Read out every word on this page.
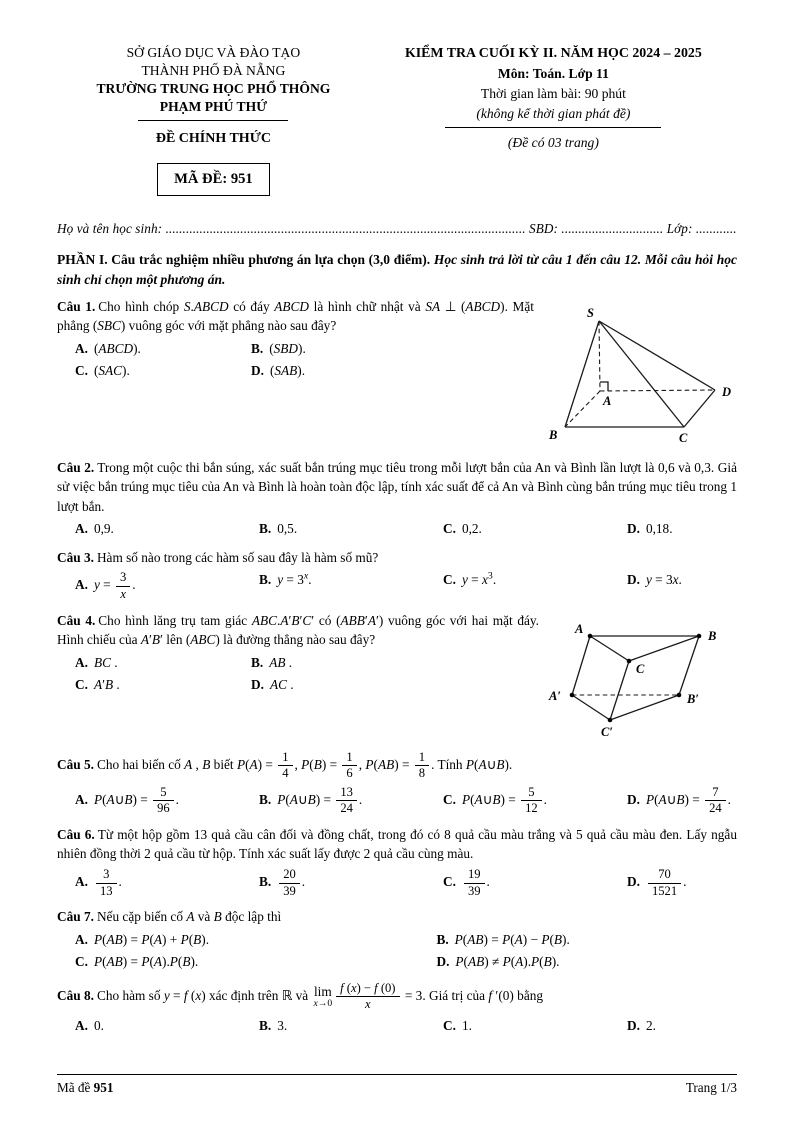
SỞ GIÁO DỤC VÀ ĐÀO TẠO
THÀNH PHỐ ĐÀ NẴNG
TRƯỜNG TRUNG HỌC PHỔ THÔNG
PHẠM PHÚ THỨ
ĐỀ CHÍNH THỨC
MÃ ĐỀ: 951
KIỂM TRA CUỐI KỲ II. NĂM HỌC 2024 – 2025
Môn: Toán. Lớp 11
Thời gian làm bài: 90 phút
(không kể thời gian phát đề)
(Đề có 03 trang)
Họ và tên học sinh: .......................................................................................................... SBD: .............................. Lớp: ............

PHẦN I. Câu trắc nghiệm nhiều phương án lựa chọn (3,0 điểm). Học sinh trả lời từ câu 1 đến câu 12. Mỗi câu hỏi học sinh chỉ chọn một phương án.

Câu 1. Cho hình chóp S.ABCD có đáy ABCD là hình chữ nhật và SA ⊥ (ABCD). Mặt phẳng (SBC) vuông góc với mặt phẳng nào sau đây?

A. (ABCD).	B. (SBD).
C. (SAC).	D. (SAB).
S
A
B	C
D

Câu 2. Trong một cuộc thi bắn súng, xác suất bắn trúng mục tiêu trong mỗi lượt bắn của An và Bình lần lượt là 0,6 và 0,3. Giả sử việc bắn trúng mục tiêu của An và Bình là hoàn toàn độc lập, tính xác suất để cả An và Bình cùng bắn trúng mục tiêu trong 1 lượt bắn.

A. 0,9.	B. 0,5.	C. 0,2.	D. 0,18.

Câu 3. Hàm số nào trong các hàm số sau đây là hàm số mũ?

A. $y = \frac{3}{x}$ .	B. $y = 3^x$.	C. $y = x^3$.	D. y = 3x.

Câu 4. Cho hình lăng trụ tam giác ABC.A′B′C′ có (ABB′A′) vuông góc với hai mặt đáy. Hình chiếu của A′B′ lên (ABC) là đường thẳng nào sau đây?

A. BC .	B. AB .
C. A′B .	D. AC .
A	B
C
A′	B′
C′

Câu 5. Cho hai biến cố A , B biết $P(A) = \frac{1}{4}$ , $P(B) = \frac{1}{6}$ , $P(AB) = \frac{1}{8}$ . Tính P(A∪B).

A. P(A∪B) = $\frac{5}{96}$ .	B. P(A∪B) = $\frac{13}{24}$ .	C. P(A∪B) = $\frac{5}{12}$ .	D. P(A∪B) = $\frac{7}{24}$ .

Câu 6. Từ một hộp gồm 13 quả cầu cân đối và đồng chất, trong đó có 8 quả cầu màu trắng và 5 quả cầu màu đen. Lấy ngẫu nhiên đồng thời 2 quả cầu từ hộp. Tính xác suất lấy được 2 quả cầu cùng màu.

A. $\frac{3}{13}$ .	B. $\frac{20}{39}$ .	C. $\frac{19}{39}$ .	D. $\frac{70}{1521}$ .

Câu 7. Nếu cặp biến cố A và B độc lập thì

A. P(AB) = P(A) + P(B).	B. P(AB) = P(A) − P(B).
C. P(AB) = P(A).P(B).	D. P(AB) ≠ P(A).P(B).

Câu 8. Cho hàm số y = f (x) xác định trên ℝ và lim
$x\to 0 \frac{f (x) - f (0)}{x} = 3$. Giá trị của f ′(0) bằng

A. 0.	B. 3.	C. 1.	D. 2.
Mã đề 951	Trang 1/3
